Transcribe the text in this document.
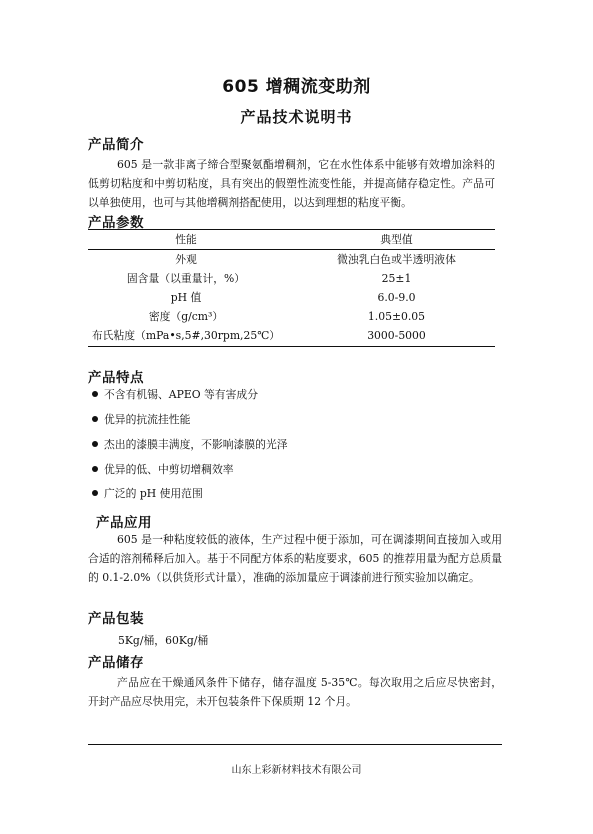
605 增稠流变助剂
产品技术说明书
产品简介
605 是一款非离子缔合型聚氨酯增稠剂，它在水性体系中能够有效增加涂料的低剪切粘度和中剪切粘度，具有突出的假塑性流变性能，并提高储存稳定性。产品可以单独使用，也可与其他增稠剂搭配使用，以达到理想的粘度平衡。
产品参数
性能	典型值
外观	微浊乳白色或半透明液体
固含量（以重量计，%）	25±1
pH 值	6.0-9.0
密度（g/cm³）	1.05±0.05
布氏粘度（mPa•s,5#,30rpm,25℃）	3000-5000
产品特点
不含有机锡、APEO 等有害成分
优异的抗流挂性能
杰出的漆膜丰满度，不影响漆膜的光泽
优异的低、中剪切增稠效率
广泛的 pH 使用范围
产品应用
605 是一种粘度较低的液体，生产过程中便于添加，可在调漆期间直接加入或用合适的溶剂稀释后加入。基于不同配方体系的粘度要求，605 的推荐用量为配方总质量的 0.1-2.0%（以供货形式计量），准确的添加量应于调漆前进行预实验加以确定。
产品包装
5Kg/桶，60Kg/桶
产品储存
产品应在干燥通风条件下储存，储存温度 5-35℃。每次取用之后应尽快密封，开封产品应尽快用完，未开包装条件下保质期 12 个月。
山东上彩新材料技术有限公司
